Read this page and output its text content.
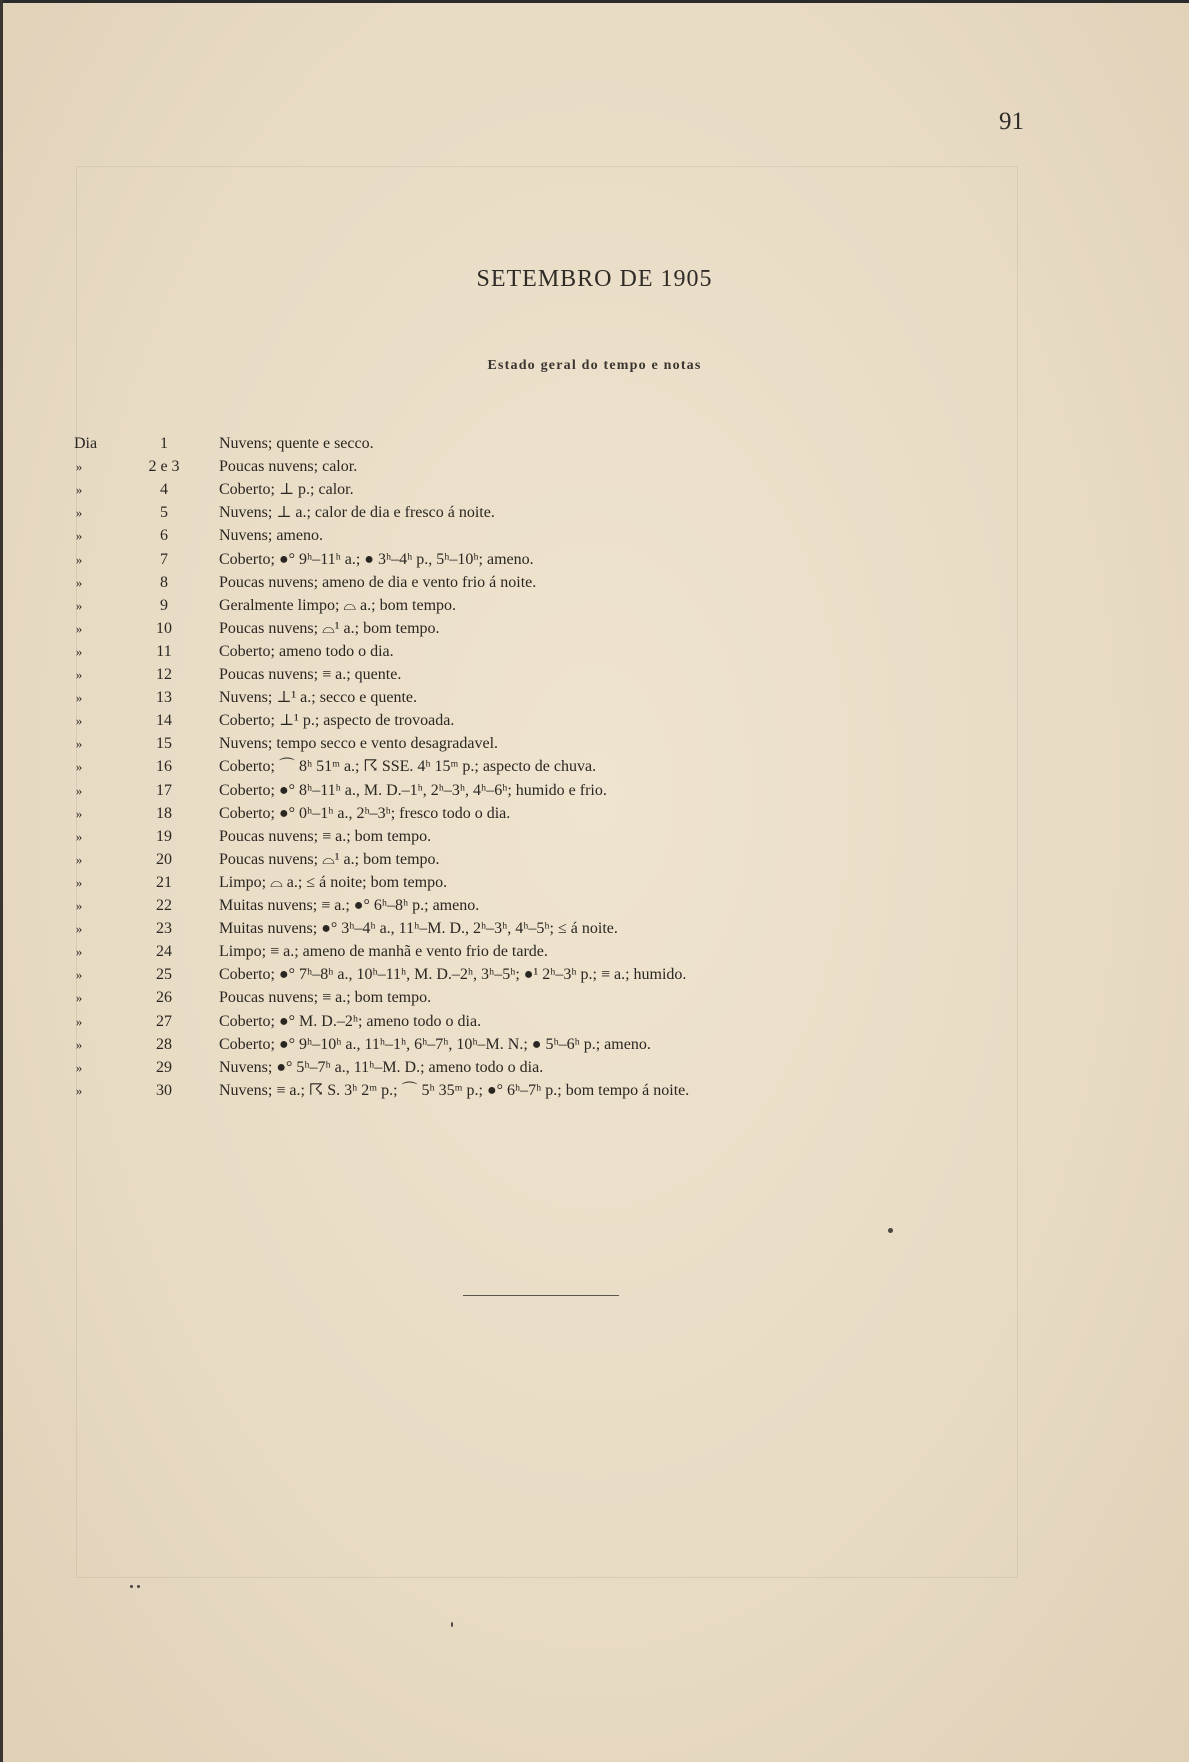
91
SETEMBRO DE 1905
Estado geral do tempo e notas
Dia	1	Nuvens; quente e secco.
»	2 e 3	Poucas nuvens; calor.
»	4	Coberto; ⊥ p.; calor.
»	5	Nuvens; ⊥ a.; calor de dia e fresco á noite.
»	6	Nuvens; ameno.
»	7	Coberto; ●° 9ʰ–11ʰ a.; ● 3ʰ–4ʰ p., 5ʰ–10ʰ; ameno.
»	8	Poucas nuvens; ameno de dia e vento frio á noite.
»	9	Geralmente limpo; ⌓ a.; bom tempo.
»	10	Poucas nuvens; ⌓¹ a.; bom tempo.
»	11	Coberto; ameno todo o dia.
»	12	Poucas nuvens; ≡ a.; quente.
»	13	Nuvens; ⊥¹ a.; secco e quente.
»	14	Coberto; ⊥¹ p.; aspecto de trovoada.
»	15	Nuvens; tempo secco e vento desagradavel.
»	16	Coberto; ⌒ 8ʰ 51ᵐ a.; ☈ SSE. 4ʰ 15ᵐ p.; aspecto de chuva.
»	17	Coberto; ●° 8ʰ–11ʰ a., M. D.–1ʰ, 2ʰ–3ʰ, 4ʰ–6ʰ; humido e frio.
»	18	Coberto; ●° 0ʰ–1ʰ a., 2ʰ–3ʰ; fresco todo o dia.
»	19	Poucas nuvens; ≡ a.; bom tempo.
»	20	Poucas nuvens; ⌓¹ a.; bom tempo.
»	21	Limpo; ⌓ a.; ≤ á noite; bom tempo.
»	22	Muitas nuvens; ≡ a.; ●° 6ʰ–8ʰ p.; ameno.
»	23	Muitas nuvens; ●° 3ʰ–4ʰ a., 11ʰ–M. D., 2ʰ–3ʰ, 4ʰ–5ʰ; ≤ á noite.
»	24	Limpo; ≡ a.; ameno de manhã e vento frio de tarde.
»	25	Coberto; ●° 7ʰ–8ʰ a., 10ʰ–11ʰ, M. D.–2ʰ, 3ʰ–5ʰ; ●¹ 2ʰ–3ʰ p.; ≡ a.; humido.
»	26	Poucas nuvens; ≡ a.; bom tempo.
»	27	Coberto; ●° M. D.–2ʰ; ameno todo o dia.
»	28	Coberto; ●° 9ʰ–10ʰ a., 11ʰ–1ʰ, 6ʰ–7ʰ, 10ʰ–M. N.; ● 5ʰ–6ʰ p.; ameno.
»	29	Nuvens; ●° 5ʰ–7ʰ a., 11ʰ–M. D.; ameno todo o dia.
»	30	Nuvens; ≡ a.; ☈ S. 3ʰ 2ᵐ p.; ⌒ 5ʰ 35ᵐ p.; ●° 6ʰ–7ʰ p.; bom tempo á noite.
